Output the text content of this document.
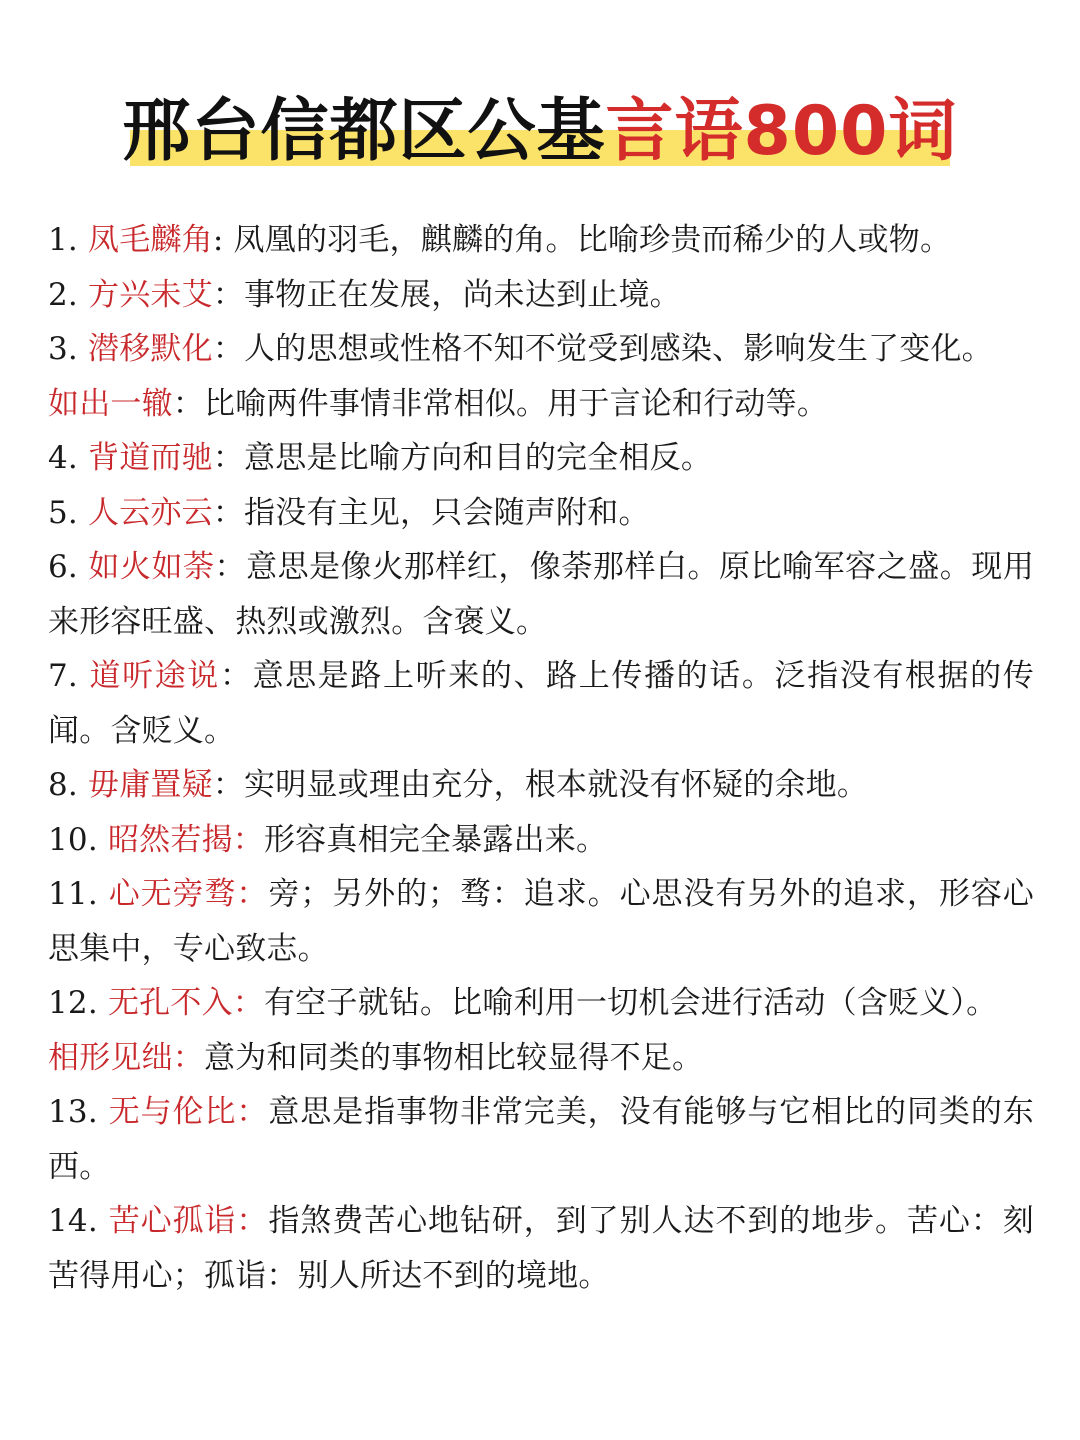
邢台信都区公基言语800词

1. 凤毛麟角: 凤凰的羽毛，麒麟的角。比喻珍贵而稀少的人或物。

2. 方兴未艾：事物正在发展，尚未达到止境。

3. 潜移默化：人的思想或性格不知不觉受到感染、影响发生了变化。

如出一辙：比喻两件事情非常相似。用于言论和行动等。

4. 背道而驰：意思是比喻方向和目的完全相反。

5. 人云亦云：指没有主见，只会随声附和。

6. 如火如荼：意思是像火那样红，像荼那样白。原比喻军容之盛。现用来形容旺盛、热烈或激烈。含褒义。

7. 道听途说：意思是路上听来的、路上传播的话。泛指没有根据的传闻。含贬义。

8. 毋庸置疑：实明显或理由充分，根本就没有怀疑的余地。

10. 昭然若揭：形容真相完全暴露出来。

11. 心无旁骛：旁；另外的；骛：追求。心思没有另外的追求，形容心思集中，专心致志。

12. 无孔不入：有空子就钻。比喻利用一切机会进行活动（含贬义）。

相形见绌：意为和同类的事物相比较显得不足。

13. 无与伦比：意思是指事物非常完美，没有能够与它相比的同类的东西。

14. 苦心孤诣：指煞费苦心地钻研，到了别人达不到的地步。苦心：刻苦得用心；孤诣：别人所达不到的境地。
